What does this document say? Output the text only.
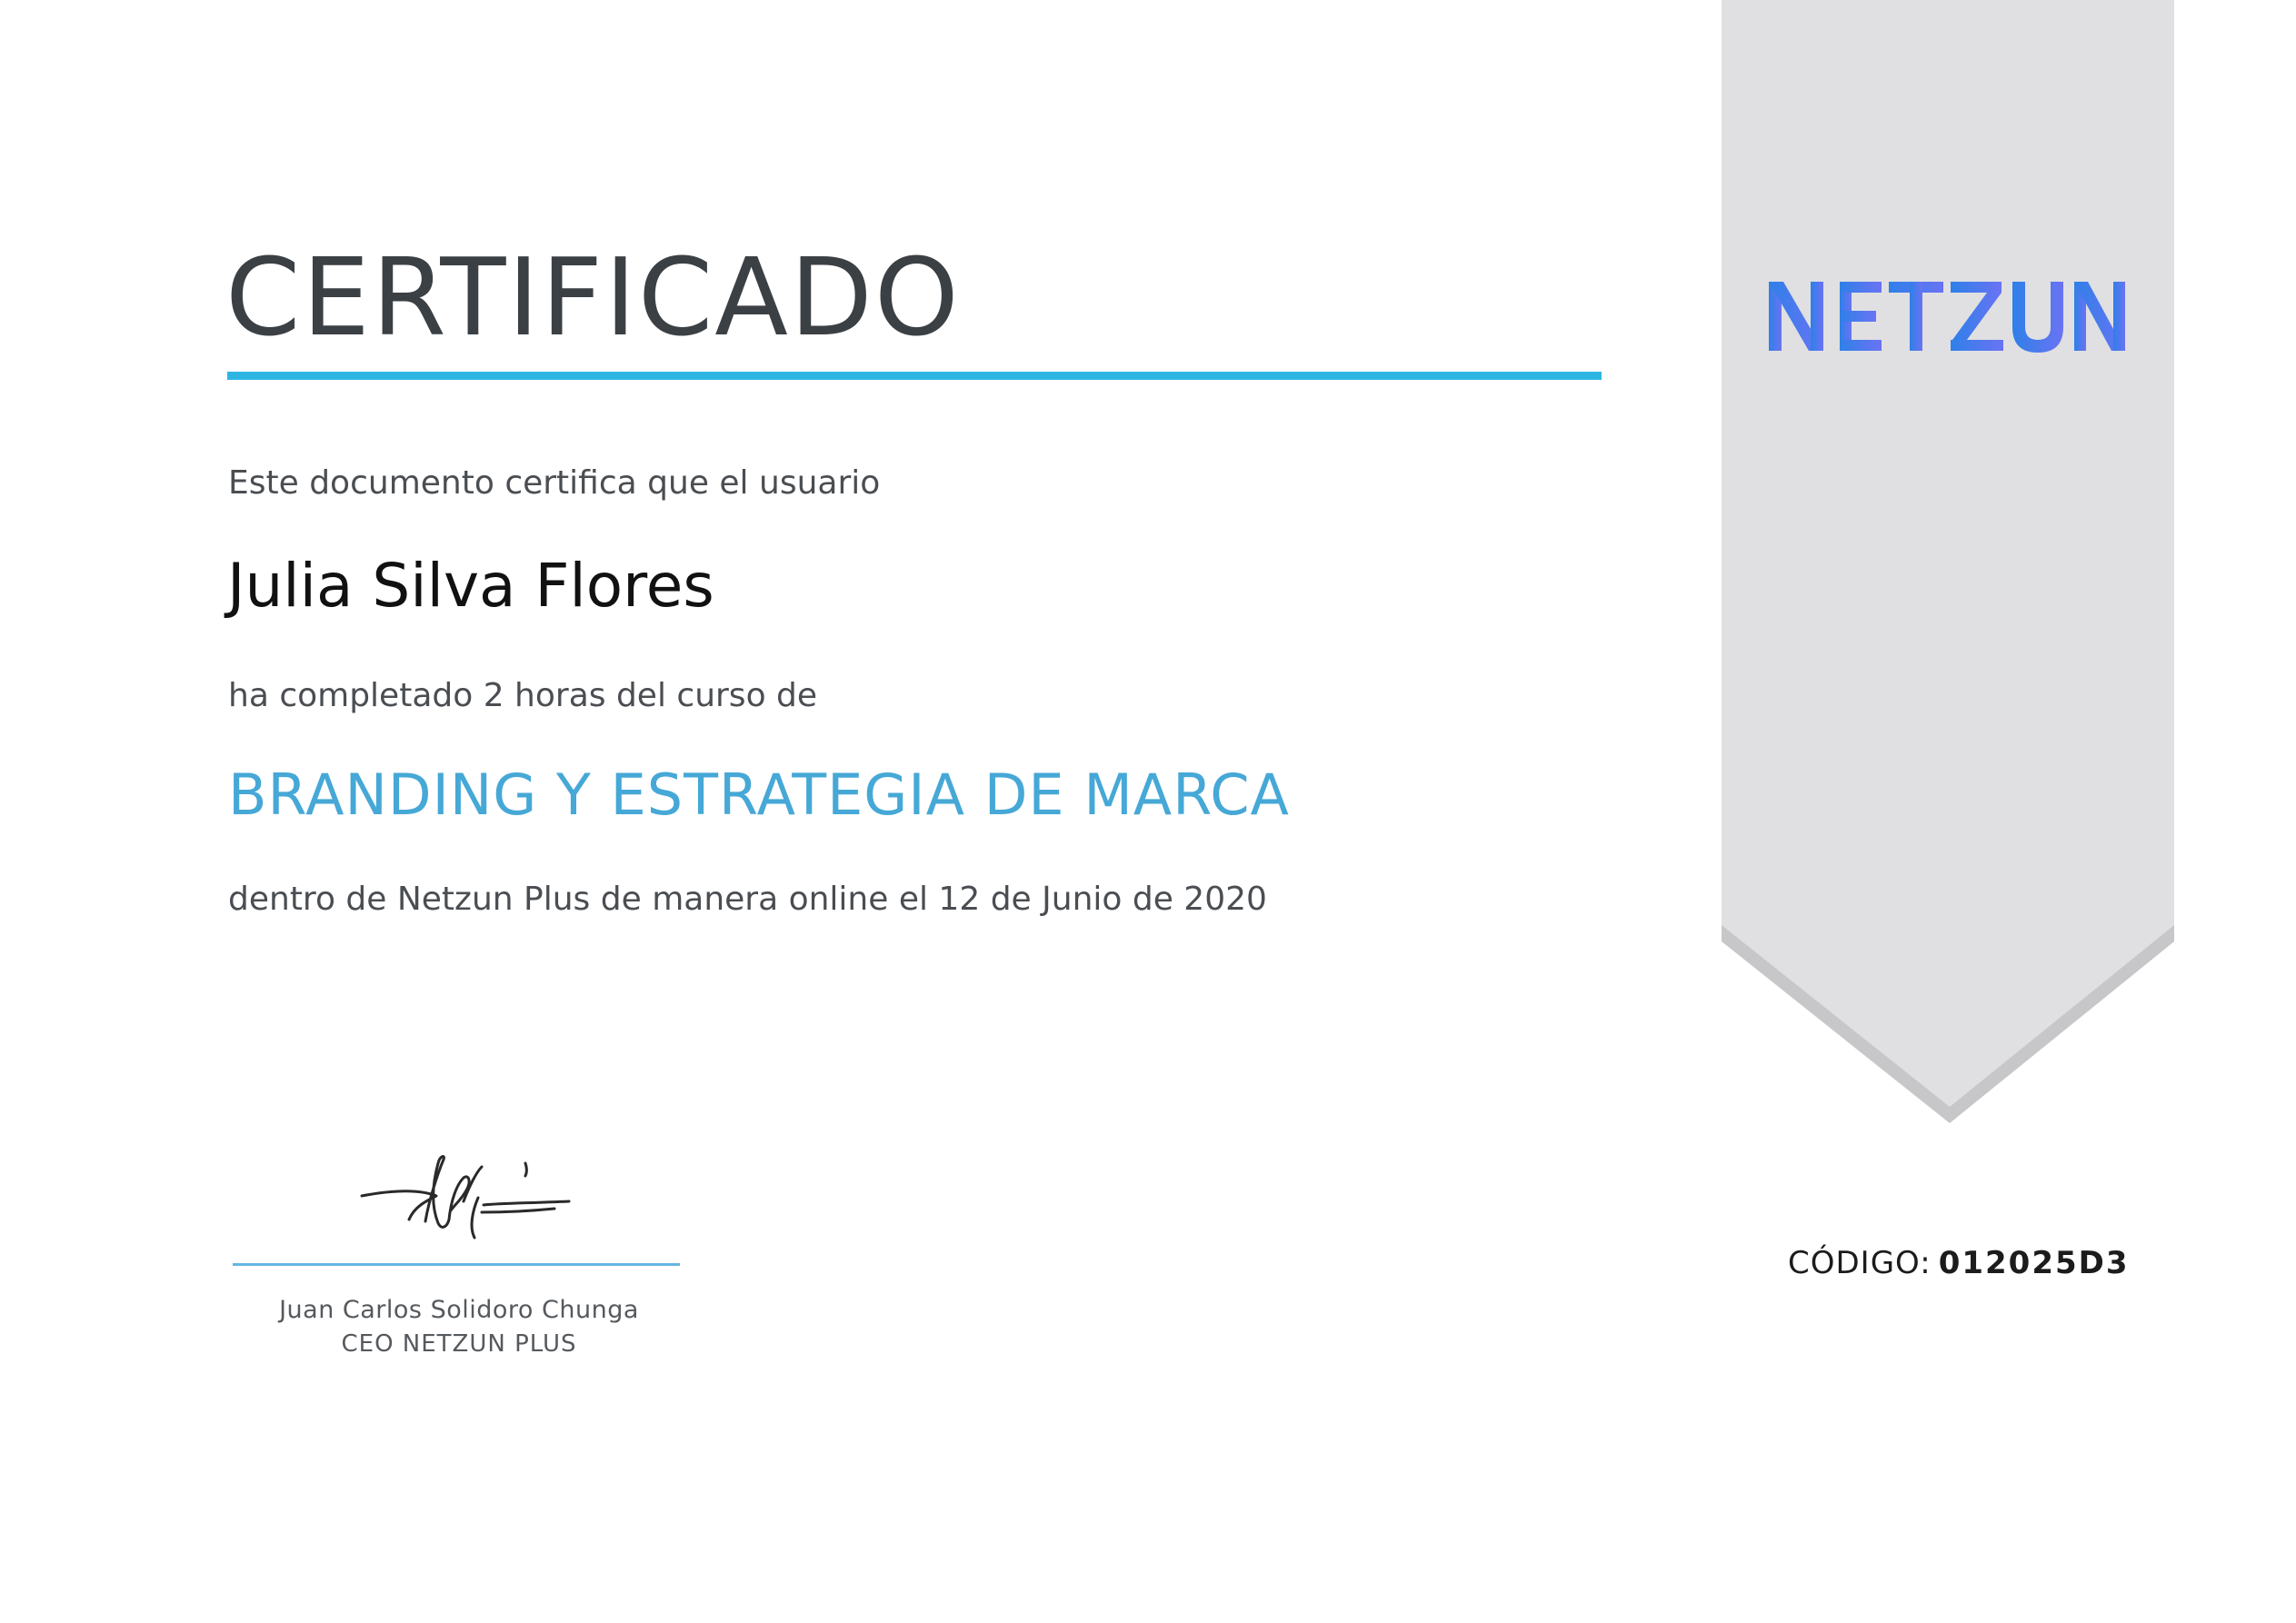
CERTIFICADO
Este documento certifica que el usuario
Julia Silva Flores
ha completado 2 horas del curso de
BRANDING Y ESTRATEGIA DE MARCA
dentro de Netzun Plus de manera online el 12 de Junio de 2020
Juan Carlos Solidoro Chunga
CEO NETZUN PLUS
CÓDIGO: 012025D3
